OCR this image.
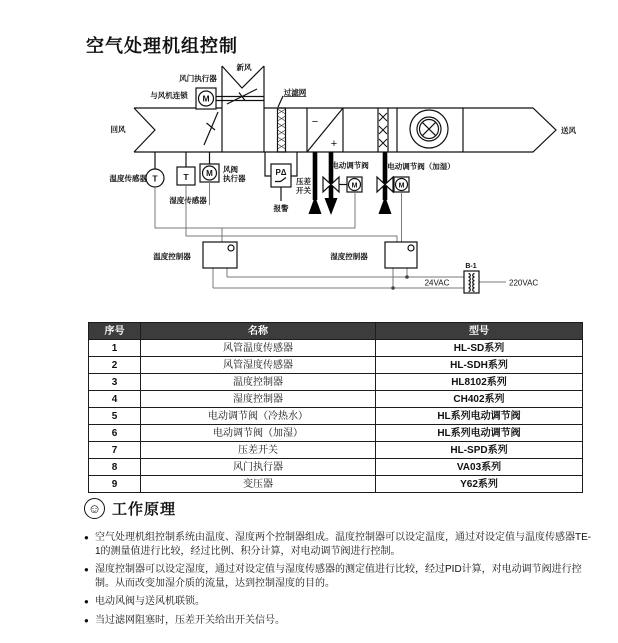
空气处理机组控制
−
+
过滤网
M
风门执行器
与风机连锁
新风
回风	送风
T
温度传感器	T
湿度传感器
M 风阀
执行器
PΔ
压差
开关
报警
M
电动调节阀
M
电动调节阀（加湿）
温度控制器	湿度控制器
B-1
24VAC	220VAC
序号	名称	型号
1	风管温度传感器	HL-SD系列
2	风管湿度传感器	HL-SDH系列
3	温度控制器	HL8102系列
4	湿度控制器	CH402系列
5	电动调节阀（冷热水）	HL系列电动调节阀
6	电动调节阀（加湿）	HL系列电动调节阀
7	压差开关	HL-SPD系列
8	风门执行器	VA03系列
9	变压器	Y62系列
☺ 工作原理
● 空气处理机组控制系统由温度、湿度两个控制器组成。温度控制器可以设定温度，通过对设定值与温度传感器TE-1的测量值进行比较，经过比例、积分计算，对电动调节阀进行控制。
● 湿度控制器可以设定湿度，通过对设定值与湿度传感器的测定值进行比较，经过PID计算，对电动调节阀进行控制。从而改变加湿介质的流量，达到控制湿度的目的。
● 电动风阀与送风机联锁。
● 当过滤网阻塞时，压差开关给出开关信号。
